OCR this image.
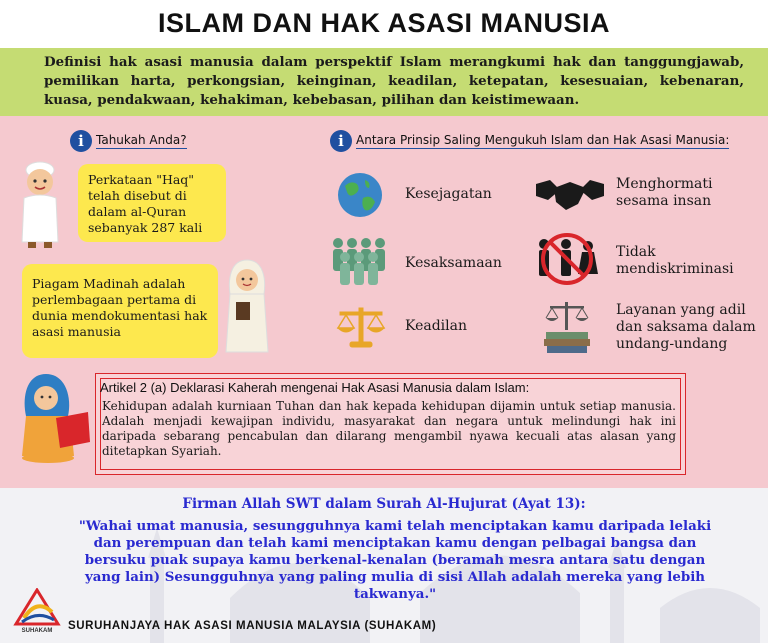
ISLAM DAN HAK ASASI MANUSIA
Definisi hak asasi manusia dalam perspektif Islam merangkumi hak dan tanggungjawab, pemilikan harta, perkongsian, keinginan, keadilan, ketepatan, kesesuaian, kebenaran, kuasa, pendakwaan, kehakiman, kebebasan, pilihan dan keistimewaan.
i	Tahukah Anda?	i	Antara Prinsip Saling Mengukuh Islam dan Hak Asasi Manusia:
Perkataan "Haq" telah disebut di dalam al-Quran sebanyak 287 kali
Piagam Madinah adalah perlembagaan pertama di dunia mendokumentasi hak asasi manusia
Kesejagatan
Kesaksamaan
Keadilan
Menghormati sesama insan
Tidak mendiskriminasi
Layanan yang adil dan saksama dalam undang-undang
Artikel 2 (a) Deklarasi Kaherah mengenai Hak Asasi Manusia dalam Islam:
Kehidupan adalah kurniaan Tuhan dan hak kepada kehidupan dijamin untuk setiap manusia. Adalah menjadi kewajipan individu, masyarakat dan negara untuk melindungi hak ini daripada sebarang pencabulan dan dilarang mengambil nyawa kecuali atas alasan yang ditetapkan Syariah.
Firman Allah SWT dalam Surah Al-Hujurat (Ayat 13):
"Wahai umat manusia, sesungguhnya kami telah menciptakan kamu daripada lelaki dan perempuan dan telah kami menciptakan kamu dengan pelbagai bangsa dan bersuku puak supaya kamu berkenal-kenalan (beramah mesra antara satu dengan yang lain) Sesungguhnya yang paling mulia di sisi Allah adalah mereka yang lebih takwanya."
SUHAKAM SURUHANJAYA HAK ASASI MANUSIA MALAYSIA (SUHAKAM)
